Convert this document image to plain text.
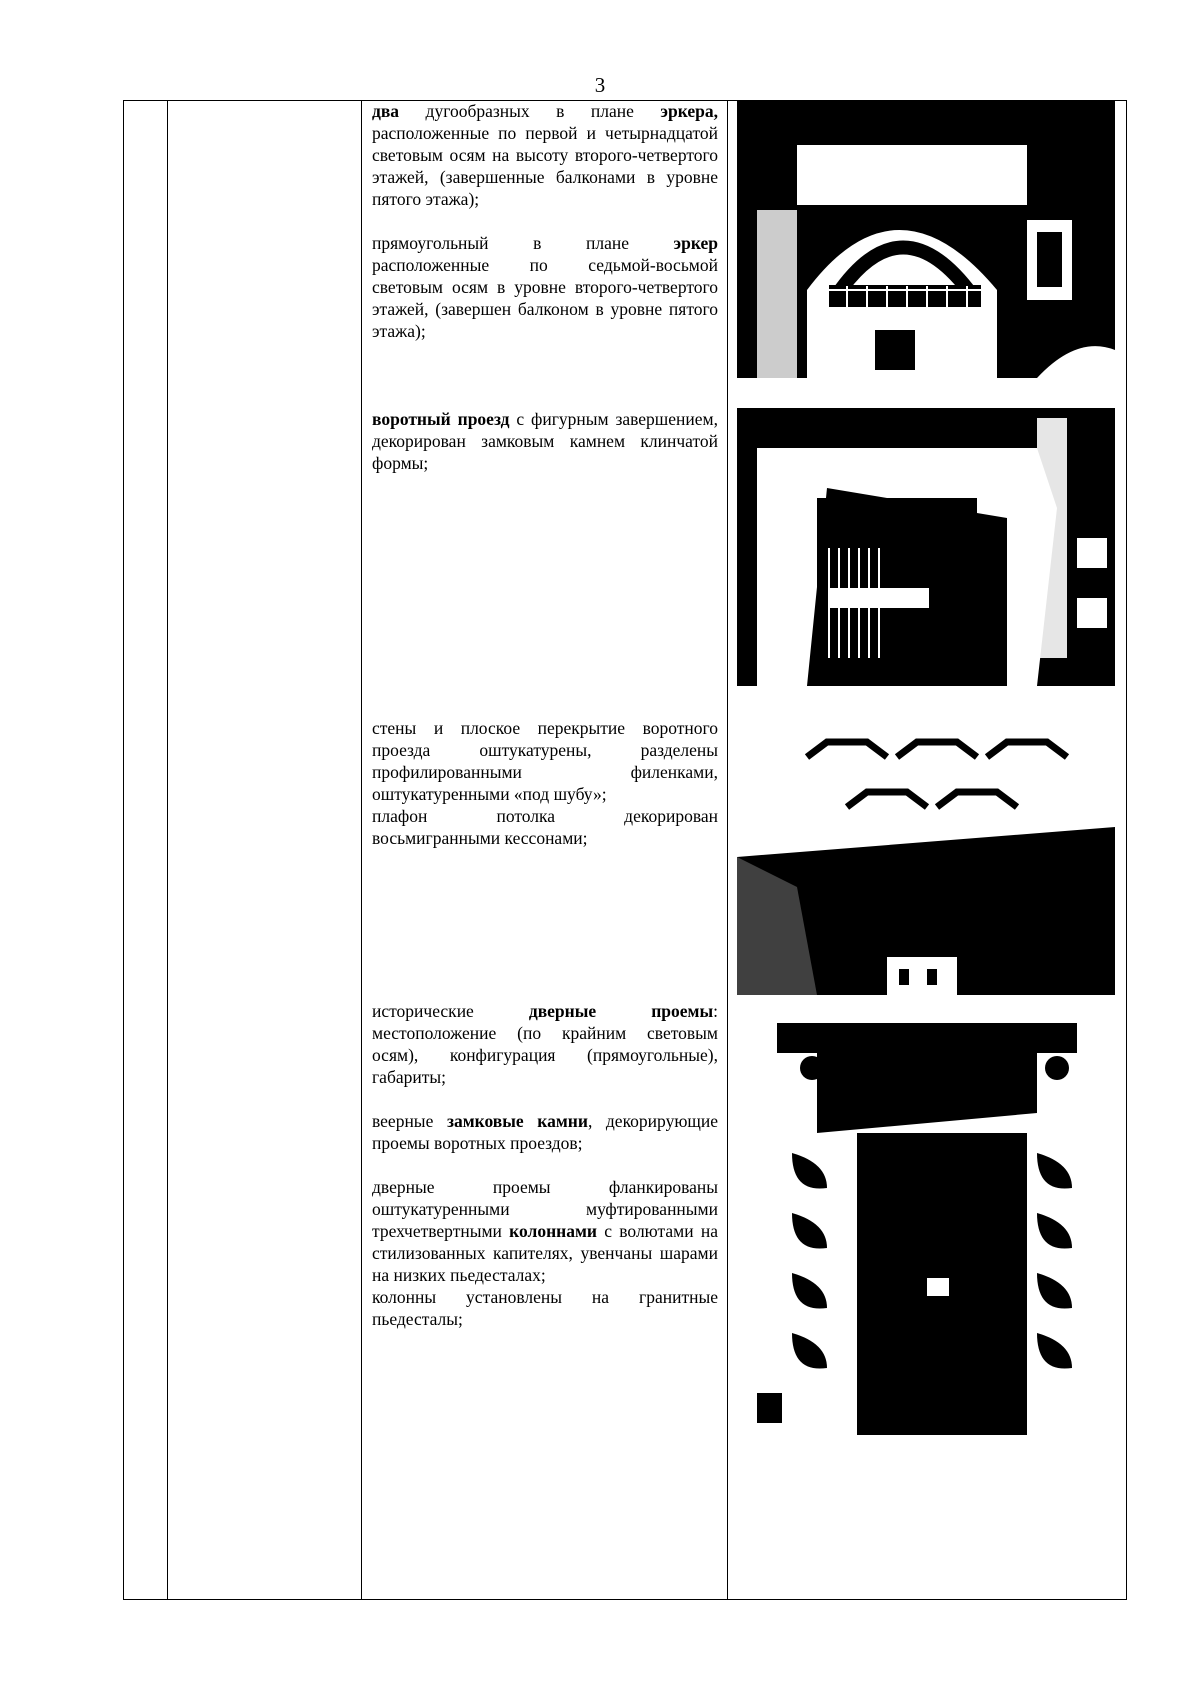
3

два дугообразных в плане эркера, расположенные по первой и четырнадцатой световым осям на высоту второго-четвертого этажей, (завершенные балконами в уровне пятого этажа);

прямоугольный в плане эркер расположенные по седьмой-восьмой световым осям в уровне второго-четвертого этажей, (завершен балконом в уровне пятого этажа);

воротный проезд с фигурным завершением, декорирован замковым камнем клинчатой формы;

стены и плоское перекрытие воротного проезда оштукатурены, разделены профилированными филенками, оштукатуренными «под шубу»;

плафон потолка декорирован восьмигранными кессонами;

исторические дверные проемы: местоположение (по крайним световым осям), конфигурация (прямоугольные), габариты;

веерные замковые камни, декорирующие проемы воротных проездов;

дверные проемы фланкированы оштукатуренными муфтированными трехчетвертными колоннами с волютами на стилизованных капителях, увенчаны шарами на низких пьедесталах;

колонны установлены на гранитные пьедесталы;
